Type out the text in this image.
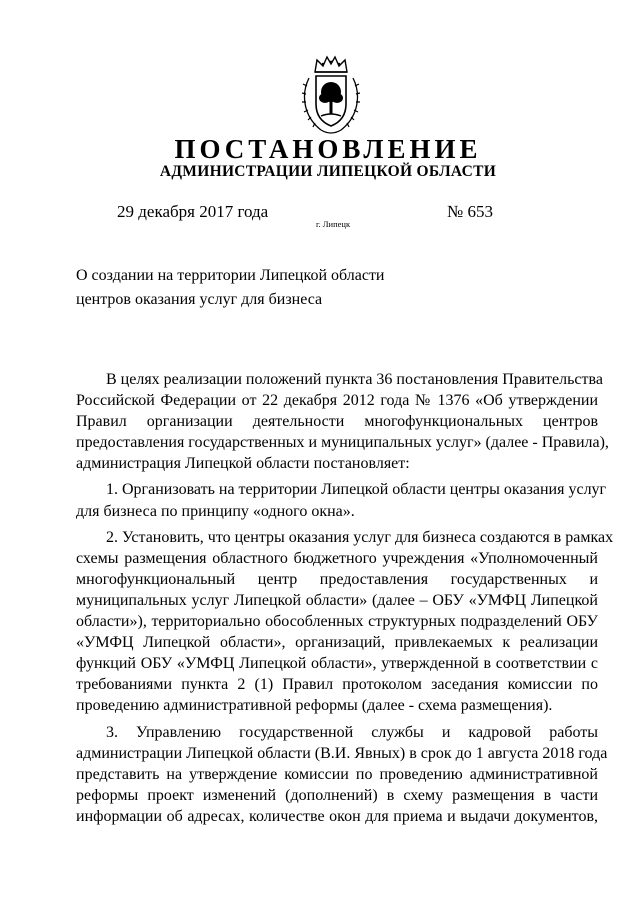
ПОСТАНОВЛЕНИЕ
АДМИНИСТРАЦИИ ЛИПЕЦКОЙ ОБЛАСТИ
29 декабря 2017 года
г. Липецк
№ 653
О создании на территории Липецкой области
центров оказания услуг для бизнеса
В целях реализации положений пункта 36 постановления Правительства
Российской Федерации от 22 декабря 2012 года № 1376 «Об утверждении
Правил организации деятельности многофункциональных центров
предоставления государственных и муниципальных услуг» (далее - Правила),
администрация Липецкой области постановляет:
1. Организовать на территории Липецкой области центры оказания услуг
для бизнеса по принципу «одного окна».
2. Установить, что центры оказания услуг для бизнеса создаются в рамках
схемы размещения областного бюджетного учреждения «Уполномоченный
многофункциональный центр предоставления государственных и
муниципальных услуг Липецкой области» (далее – ОБУ «УМФЦ Липецкой
области»), территориально обособленных структурных подразделений ОБУ
«УМФЦ Липецкой области», организаций, привлекаемых к реализации
функций ОБУ «УМФЦ Липецкой области», утвержденной в соответствии с
требованиями пункта 2 (1) Правил протоколом заседания комиссии по
проведению административной реформы (далее - схема размещения).
3. Управлению государственной службы и кадровой работы
администрации Липецкой области (В.И. Явных) в срок до 1 августа 2018 года
представить на утверждение комиссии по проведению административной
реформы проект изменений (дополнений) в схему размещения в части
информации об адресах, количестве окон для приема и выдачи документов,
